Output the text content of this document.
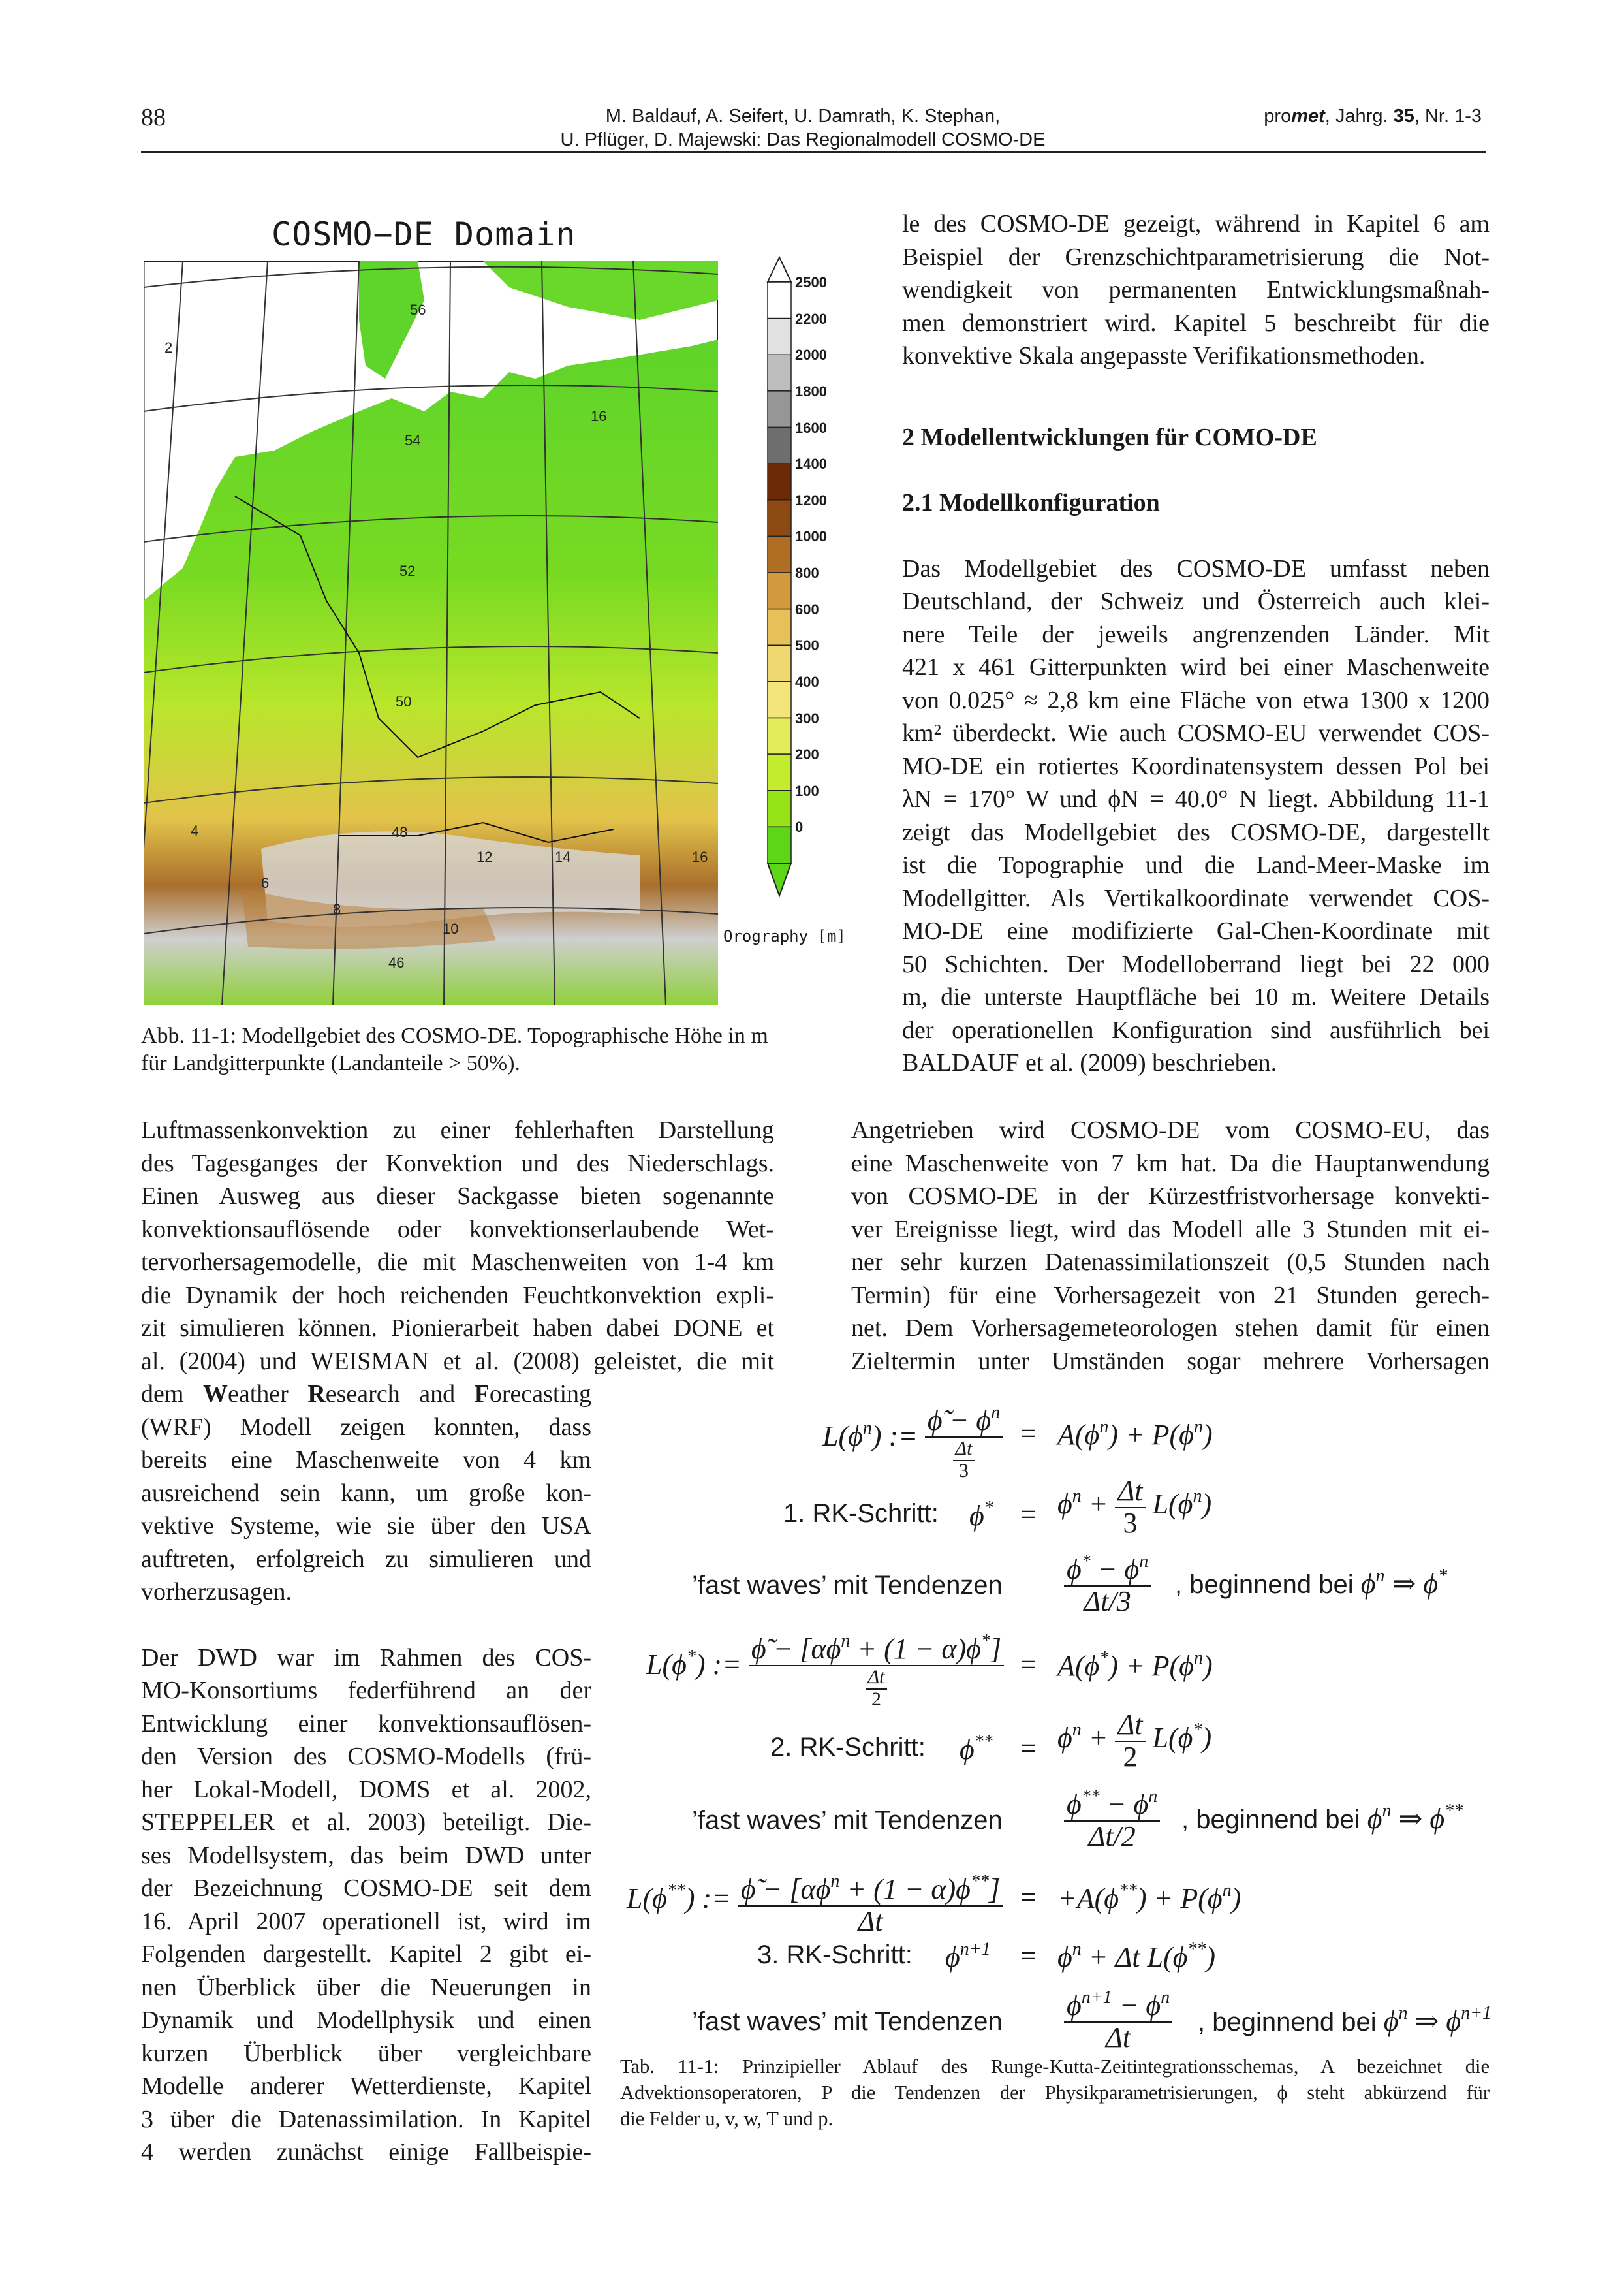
88	M. Baldauf, A. Seifert, U. Damrath, K. Stephan,
U. Pflüger, D. Majewski: Das Regionalmodell COSMO-DE
promet, Jahrg. 35, Nr. 1-3
COSMO−DE Domain
56
54
52
50
48
46
2
4
6
8
10
12	14
16
16
2500
2200
2000
1800
1600
1400
1200
1000
800
600
500
400
300
200
100
0
Orography [m]
Abb. 11-1: Modellgebiet des COSMO-DE. Topographische Höhe in m
für Landgitterpunkte (Landanteile > 50%).
le des COSMO-DE gezeigt, während in Kapitel 6 am
Beispiel der Grenzschichtparametrisierung die Not-
wendigkeit von permanenten Entwicklungsmaßnah-
men demonstriert wird. Kapitel 5 beschreibt für die
konvektive Skala angepasste Verifikationsmethoden.
2 Modellentwicklungen für COMO-DE
2.1 Modellkonfiguration
Das Modellgebiet des COSMO-DE umfasst neben
Deutschland, der Schweiz und Österreich auch klei-
nere Teile der jeweils angrenzenden Länder. Mit
421 x 461 Gitterpunkten wird bei einer Maschenweite
von 0.025° ≈ 2,8 km eine Fläche von etwa 1300 x 1200
km² überdeckt. Wie auch COSMO-EU verwendet COS-
MO-DE ein rotiertes Koordinatensystem dessen Pol bei
λN = 170° W und ϕN = 40.0° N liegt. Abbildung 11-1
zeigt das Modellgebiet des COSMO-DE, dargestellt
ist die Topographie und die Land-Meer-Maske im
Modellgitter. Als Vertikalkoordinate verwendet COS-
MO-DE eine modifizierte Gal-Chen-Koordinate mit
50 Schichten. Der Modelloberrand liegt bei 22 000
m, die unterste Hauptfläche bei 10 m. Weitere Details
der operationellen Konfiguration sind ausführlich bei
BALDAUF et al. (2009) beschrieben.
Luftmassenkonvektion zu einer fehlerhaften Darstellung
des Tagesganges der Konvektion und des Niederschlags.
Einen Ausweg aus dieser Sackgasse bieten sogenannte
konvektionsauflösende oder konvektionserlaubende Wet-
tervorhersagemodelle, die mit Maschenweiten von 1-4 km
die Dynamik der hoch reichenden Feuchtkonvektion expli-
zit simulieren können. Pionierarbeit haben dabei DONE et
al. (2004) und WEISMAN et al. (2008) geleistet, die mit
dem Weather Research and Forecasting
(WRF) Modell zeigen konnten, dass
bereits eine Maschenweite von 4 km
ausreichend sein kann, um große kon-
vektive Systeme, wie sie über den USA
auftreten, erfolgreich zu simulieren und
vorherzusagen.
Der DWD war im Rahmen des COS-
MO-Konsortiums federführend an der
Entwicklung einer konvektionsauflösen-
den Version des COSMO-Modells (frü-
her Lokal-Modell, DOMS et al. 2002,
STEPPELER et al. 2003) beteiligt. Die-
ses Modellsystem, das beim DWD unter
der Bezeichnung COSMO-DE seit dem
16. April 2007 operationell ist, wird im
Folgenden dargestellt. Kapitel 2 gibt ei-
nen Überblick über die Neuerungen in
Dynamik und Modellphysik und einen
kurzen Überblick über vergleichbare
Modelle anderer Wetterdienste, Kapitel
3 über die Datenassimilation. In Kapitel
4 werden zunächst einige Fallbeispie-
Angetrieben wird COSMO-DE vom COSMO-EU, das
eine Maschenweite von 7 km hat. Da die Hauptanwendung
von COSMO-DE in der Kürzestfristvorhersage konvekti-
ver Ereignisse liegt, wird das Modell alle 3 Stunden mit ei-
ner sehr kurzen Datenassimilationszeit (0,5 Stunden nach
Termin) für eine Vorhersagezeit von 21 Stunden gerech-
net. Dem Vorhersagemeteorologen stehen damit für einen
Zieltermin unter Umständen sogar mehrere Vorhersagen
$L(\phi^n)$ := $\frac{\phĩ - \phi^n}{\frac{\Delta t}{3}} = A(\phi^n) + P(\phi^n)$
1. RK-Schritt: $\phi^* = \phi^n + \frac{\Delta t}{3} L(\phi^n)$
’fast waves’ mit Tendenzen $\frac{\phi^* - \phi^n}{\Delta t/3}$ , beginnend bei $\phi^n$ ⇒ ϕ*
L(ϕ*) := $\frac{\phĩ - [\alpha\phi^n + (1 - \alpha)\phi^*]}{\frac{\Delta t}{2}} = A(\phi^*) + P(\phi^n)$
2. RK-Schritt: $\phi^{**} = \phi^n + \frac{\Delta t}{2} L(\phi^*)$
’fast waves’ mit Tendenzen $\frac{\phi^{**} - \phi^n}{\Delta t/2}$ , beginnend bei $\phi^n$ ⇒ ϕ**
L(ϕ**) := $\frac{\phĩ - [\alpha\phi^n + (1 - \alpha)\phi^{**}]}{\Delta t} = +A(\phi^{**}) + P(\phi^n)$
3. RK-Schritt: $\phi^{n+1} = \phi^n + \Delta t$ L(ϕ**)
’fast waves’ mit Tendenzen $\frac{\phi^{n+1} - \phi^n}{\Delta t}$ , beginnend bei $\phi^n$ ⇒ $\phi^{n+1}$
Tab. 11-1: Prinzipieller Ablauf des Runge-Kutta-Zeitintegrationsschemas, A bezeichnet die
Advektionsoperatoren, P die Tendenzen der Physikparametrisierungen, ϕ steht abkürzend für
die Felder u, v, w, T und p.
